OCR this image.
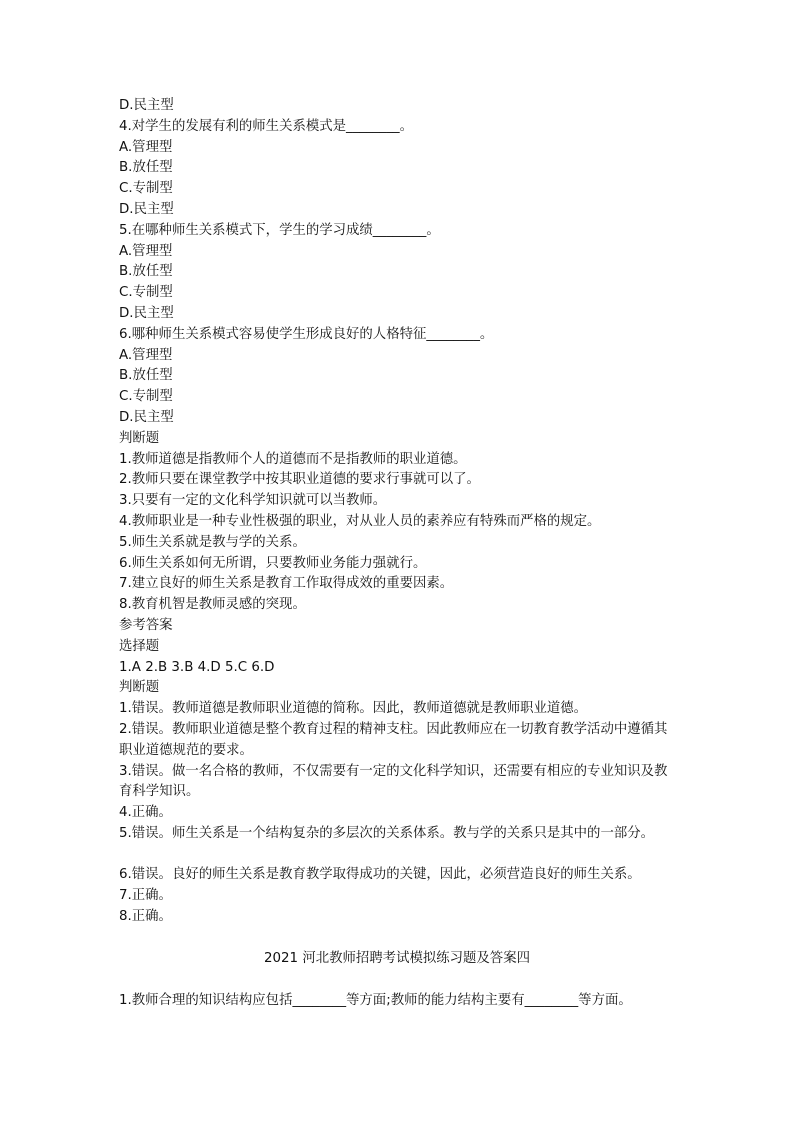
D.民主型
4.对学生的发展有利的师生关系模式是________。
A.管理型
B.放任型
C.专制型
D.民主型
5.在哪种师生关系模式下，学生的学习成绩________。
A.管理型
B.放任型
C.专制型
D.民主型
6.哪种师生关系模式容易使学生形成良好的人格特征________。
A.管理型
B.放任型
C.专制型
D.民主型
判断题
1.教师道德是指教师个人的道德而不是指教师的职业道德。
2.教师只要在课堂教学中按其职业道德的要求行事就可以了。
3.只要有一定的文化科学知识就可以当教师。
4.教师职业是一种专业性极强的职业，对从业人员的素养应有特殊而严格的规定。
5.师生关系就是教与学的关系。
6.师生关系如何无所谓，只要教师业务能力强就行。
7.建立良好的师生关系是教育工作取得成效的重要因素。
8.教育机智是教师灵感的突现。
参考答案
选择题
1.A 2.B 3.B 4.D 5.C 6.D
判断题
1.错误。教师道德是教师职业道德的简称。因此，教师道德就是教师职业道德。
2.错误。教师职业道德是整个教育过程的精神支柱。因此教师应在一切教育教学活动中遵循其职业道德规范的要求。
3.错误。做一名合格的教师，不仅需要有一定的文化科学知识，还需要有相应的专业知识及教育科学知识。
4.正确。
5.错误。师生关系是一个结构复杂的多层次的关系体系。教与学的关系只是其中的一部分。
6.错误。良好的师生关系是教育教学取得成功的关键，因此，必须营造良好的师生关系。
7.正确。
8.正确。
2021 河北教师招聘考试模拟练习题及答案四
1.教师合理的知识结构应包括________等方面;教师的能力结构主要有________等方面。
